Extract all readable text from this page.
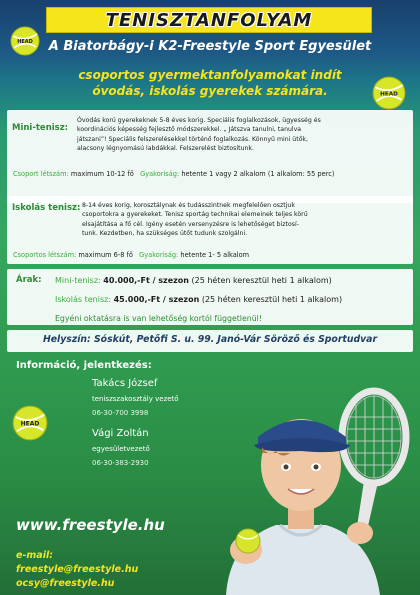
TENISZTANFOLYAM
HEAD
HEAD
HEAD
A Biatorbágy-i K2-Freestyle Sport Egyesület
csoportos gyermektanfolyamokat indít
óvodás, iskolás gyerekek számára.
Mini-tenisz:
Óvodás korú gyerekeknek 5-8 éves korig. Speciális foglalkozások, ügyesség és
koordinációs képesség fejlesztő módszerekkel. „ Játszva tanulni, tanulva
játszani”! Speciális felszerelésekkel történő foglalkozás. Könnyű mini ütők,
alacsony légnyomású labdákkal. Felszerelést biztosítunk.
Csoport létszám: maximum 10-12 fő Gyakoriság: hetente 1 vagy 2 alkalom (1 alkalom: 55 perc)
Iskolás tenisz: 8-14 éves korig, korosztálynak és tudásszintnek megfelelően osztjuk
csoportokra a gyerekeket. Tenisz sportág technikai elemeinek teljes körű
elsajátítása a fő cél. Igény esetén versenyzésre is lehetőséget biztosí-
tunk. Kezdetben, ha szükséges ütőt tudunk szolgálni.
Csoportos létszám: maximum 6-8 fő Gyakoriság: hetente 1- 5 alkalom
Árak: Mini-tenisz: 40.000,-Ft / szezon (25 héten keresztül heti 1 alkalom)
Iskolás tenisz: 45.000,-Ft / szezon (25 héten keresztül heti 1 alkalom)
Egyéni oktatásra is van lehetőség kortól függetlenül!
Helyszín: Sóskút, Petőfi S. u. 99. Janó-Vár Söröző és Sportudvar
Információ, jelentkezés:
Takács József
teniszszakosztály vezető
06-30-700 3998
Vági Zoltán
egyesületvezető
06-30-383-2930
www.freestyle.hu
e-mail:
freestyle@freestyle.hu
ocsy@freestyle.hu
